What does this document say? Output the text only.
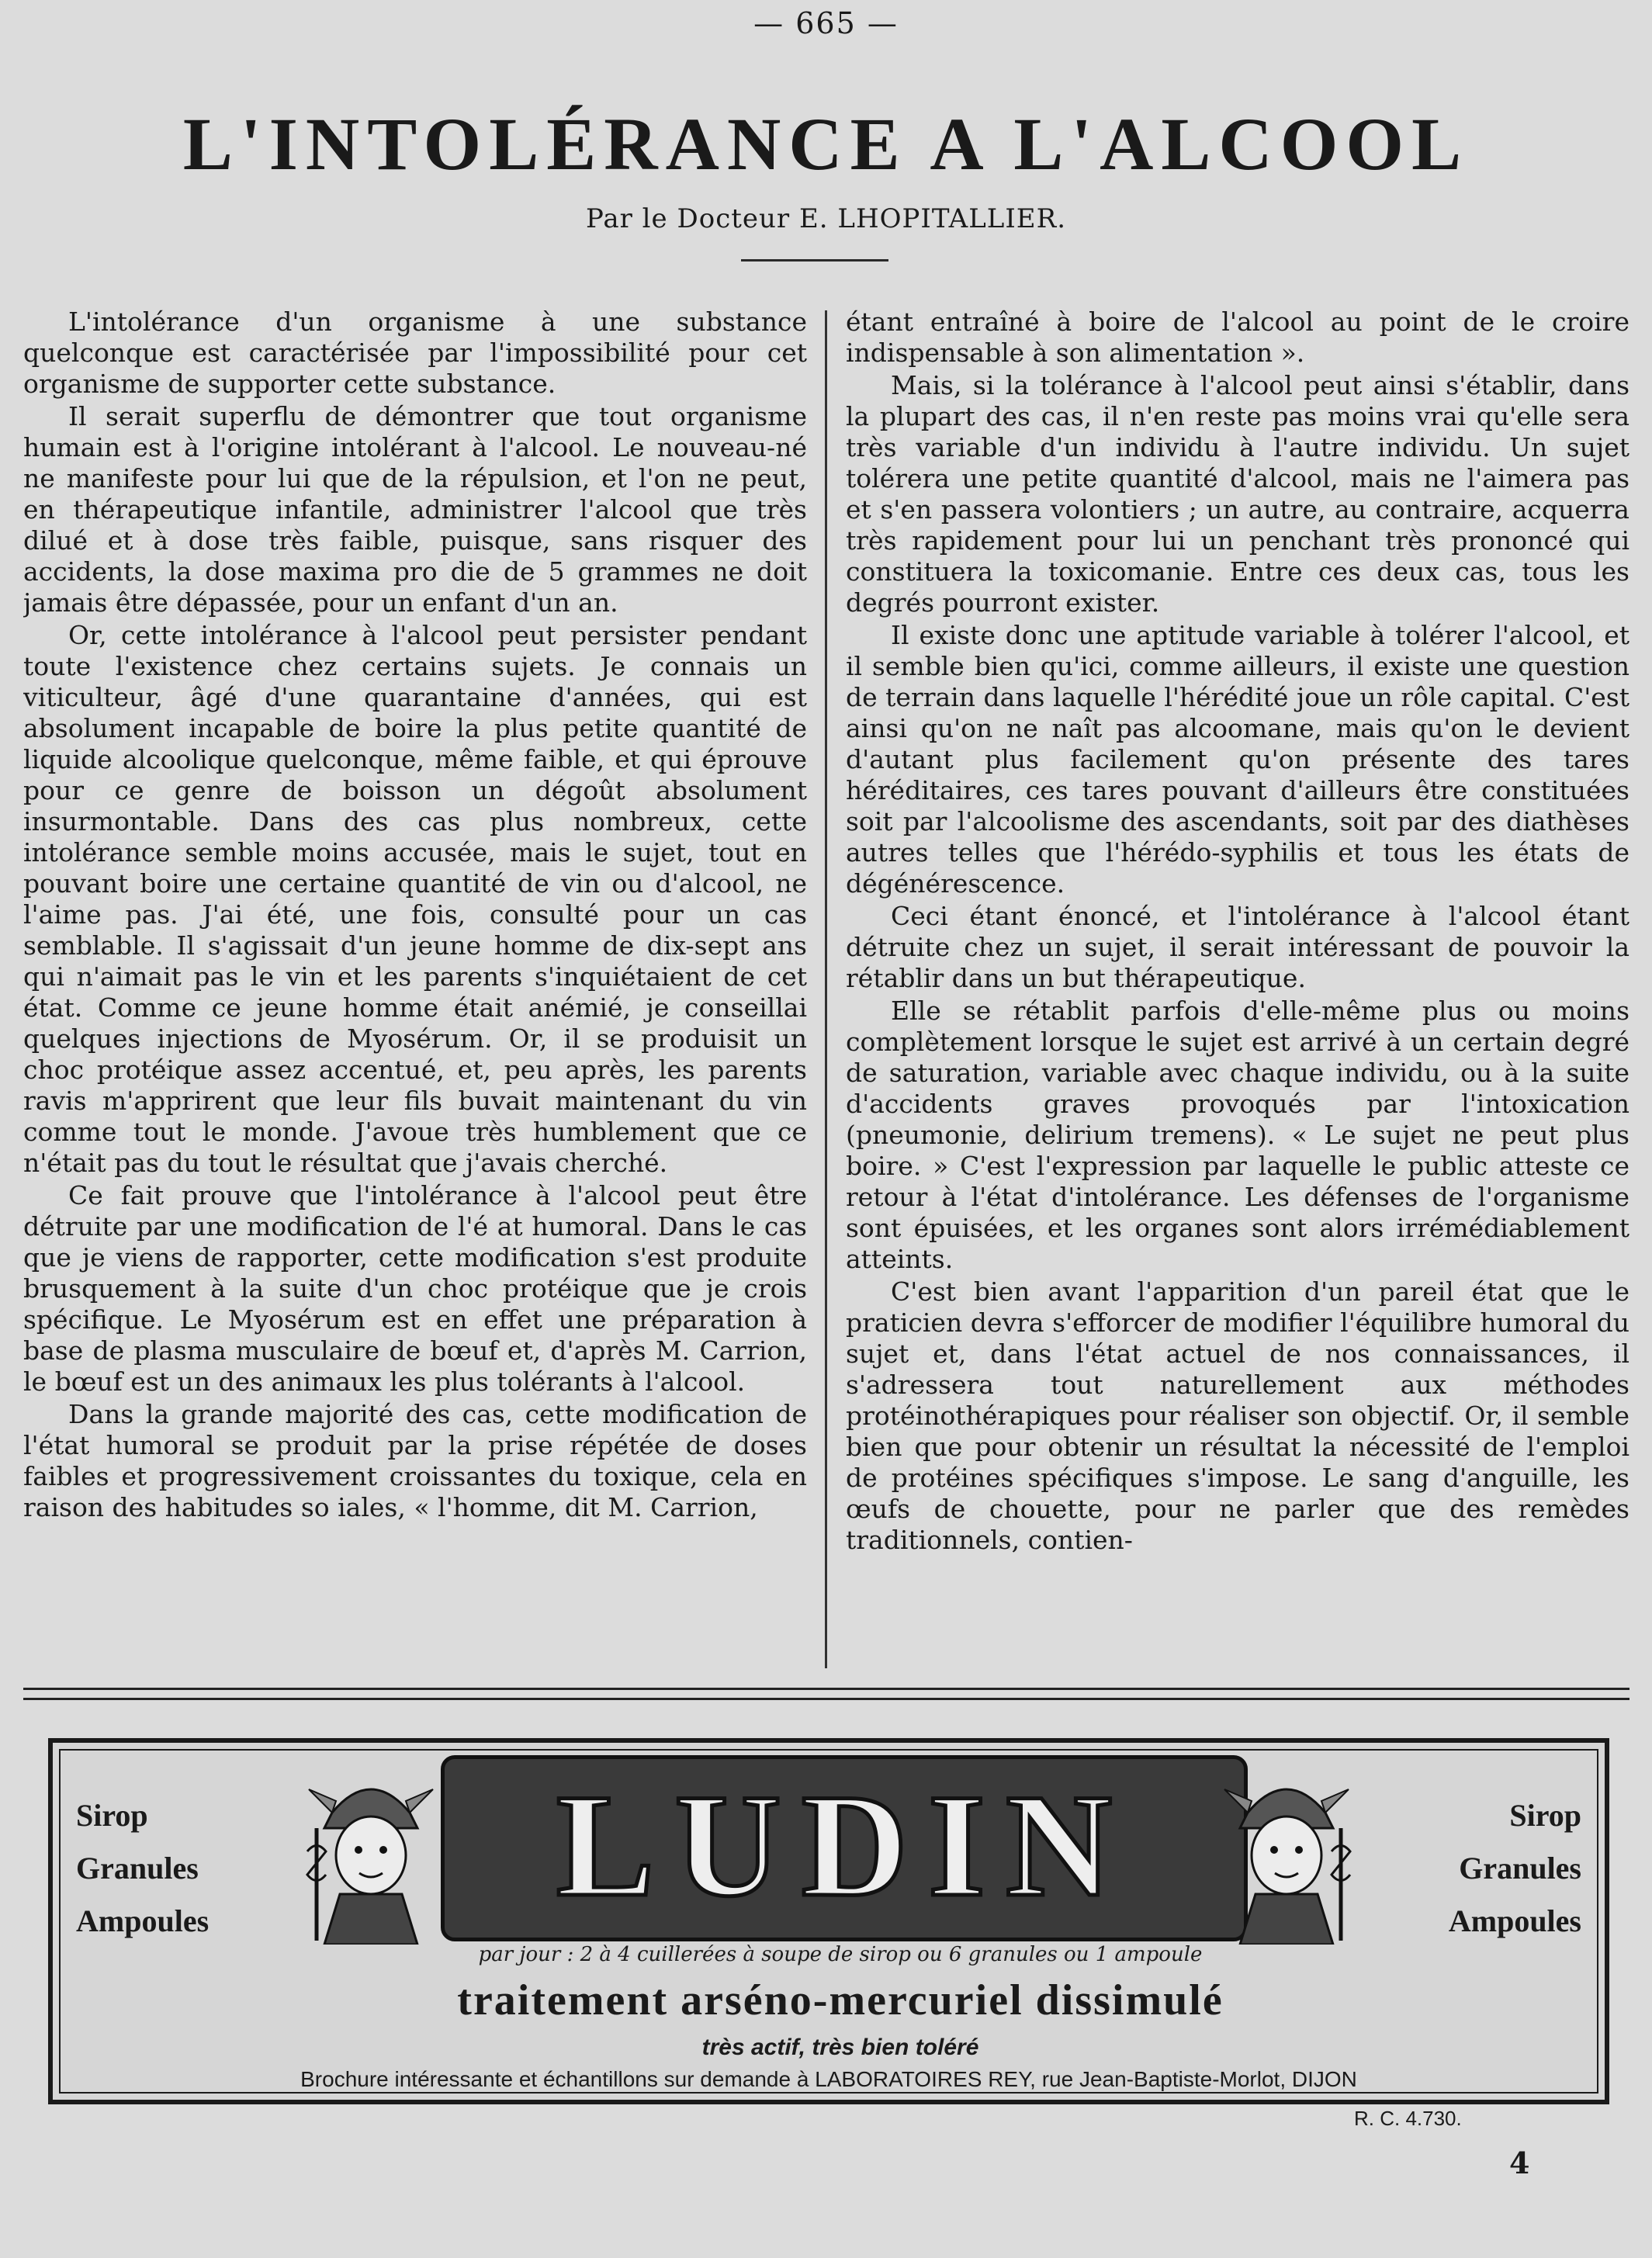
— 665 —
L'INTOLÉRANCE A L'ALCOOL
Par le Docteur E. LHOPITALLIER.

L'intolérance d'un organisme à une substance quelconque est caractérisée par l'impossibilité pour cet organisme de supporter cette substance.

Il serait superflu de démontrer que tout organisme humain est à l'origine intolérant à l'alcool. Le nouveau-né ne manifeste pour lui que de la répulsion, et l'on ne peut, en thérapeutique infantile, administrer l'alcool que très dilué et à dose très faible, puisque, sans risquer des accidents, la dose maxima pro die de 5 grammes ne doit jamais être dépassée, pour un enfant d'un an.

Or, cette intolérance à l'alcool peut persister pendant toute l'existence chez certains sujets. Je connais un viticulteur, âgé d'une quarantaine d'années, qui est absolument incapable de boire la plus petite quantité de liquide alcoolique quelconque, même faible, et qui éprouve pour ce genre de boisson un dégoût absolument insurmontable. Dans des cas plus nombreux, cette intolérance semble moins accusée, mais le sujet, tout en pouvant boire une certaine quantité de vin ou d'alcool, ne l'aime pas. J'ai été, une fois, consulté pour un cas semblable. Il s'agissait d'un jeune homme de dix-sept ans qui n'aimait pas le vin et les parents s'inquiétaient de cet état. Comme ce jeune homme était anémié, je conseillai quelques injections de Myosérum. Or, il se produisit un choc protéique assez accentué, et, peu après, les parents ravis m'apprirent que leur fils buvait maintenant du vin comme tout le monde. J'avoue très humblement que ce n'était pas du tout le résultat que j'avais cherché.

Ce fait prouve que l'intolérance à l'alcool peut être détruite par une modification de l'é at humoral. Dans le cas que je viens de rapporter, cette modification s'est produite brusquement à la suite d'un choc protéique que je crois spécifique. Le Myosérum est en effet une préparation à base de plasma musculaire de bœuf et, d'après M. Carrion, le bœuf est un des animaux les plus tolérants à l'alcool.

Dans la grande majorité des cas, cette modification de l'état humoral se produit par la prise répétée de doses faibles et progressivement croissantes du toxique, cela en raison des habitudes so iales, « l'homme, dit M. Carrion,

étant entraîné à boire de l'alcool au point de le croire indispensable à son alimentation ».

Mais, si la tolérance à l'alcool peut ainsi s'établir, dans la plupart des cas, il n'en reste pas moins vrai qu'elle sera très variable d'un individu à l'autre individu. Un sujet tolérera une petite quantité d'alcool, mais ne l'aimera pas et s'en passera volontiers ; un autre, au contraire, acquerra très rapidement pour lui un penchant très prononcé qui constituera la toxicomanie. Entre ces deux cas, tous les degrés pourront exister.

Il existe donc une aptitude variable à tolérer l'alcool, et il semble bien qu'ici, comme ailleurs, il existe une question de terrain dans laquelle l'hérédité joue un rôle capital. C'est ainsi qu'on ne naît pas alcoomane, mais qu'on le devient d'autant plus facilement qu'on présente des tares héréditaires, ces tares pouvant d'ailleurs être constituées soit par l'alcoolisme des ascendants, soit par des diathèses autres telles que l'hérédo-syphilis et tous les états de dégénérescence.

Ceci étant énoncé, et l'intolérance à l'alcool étant détruite chez un sujet, il serait intéressant de pouvoir la rétablir dans un but thérapeutique.

Elle se rétablit parfois d'elle-même plus ou moins complètement lorsque le sujet est arrivé à un certain degré de saturation, variable avec chaque individu, ou à la suite d'accidents graves provoqués par l'intoxication (pneumonie, delirium tremens). « Le sujet ne peut plus boire. » C'est l'expression par laquelle le public atteste ce retour à l'état d'intolérance. Les défenses de l'organisme sont épuisées, et les organes sont alors irrémédiablement atteints.

C'est bien avant l'apparition d'un pareil état que le praticien devra s'efforcer de modifier l'équilibre humoral du sujet et, dans l'état actuel de nos connaissances, il s'adressera tout naturellement aux méthodes protéinothérapiques pour réaliser son objectif. Or, il semble bien que pour obtenir un résultat la nécessité de l'emploi de protéines spécifiques s'impose. Le sang d'anguille, les œufs de chouette, pour ne parler que des remèdes traditionnels, contien-

Sirop
Granules
Ampoules	LUDIN	Sirop
Granules
Ampoules
par jour : 2 à 4 cuillerées à soupe de sirop ou 6 granules ou 1 ampoule
traitement arséno-mercuriel dissimulé
très actif, très bien toléré
Brochure intéressante et échantillons sur demande à LABORATOIRES REY, rue Jean-Baptiste-Morlot, DIJON
R. C. 4.730.
4
